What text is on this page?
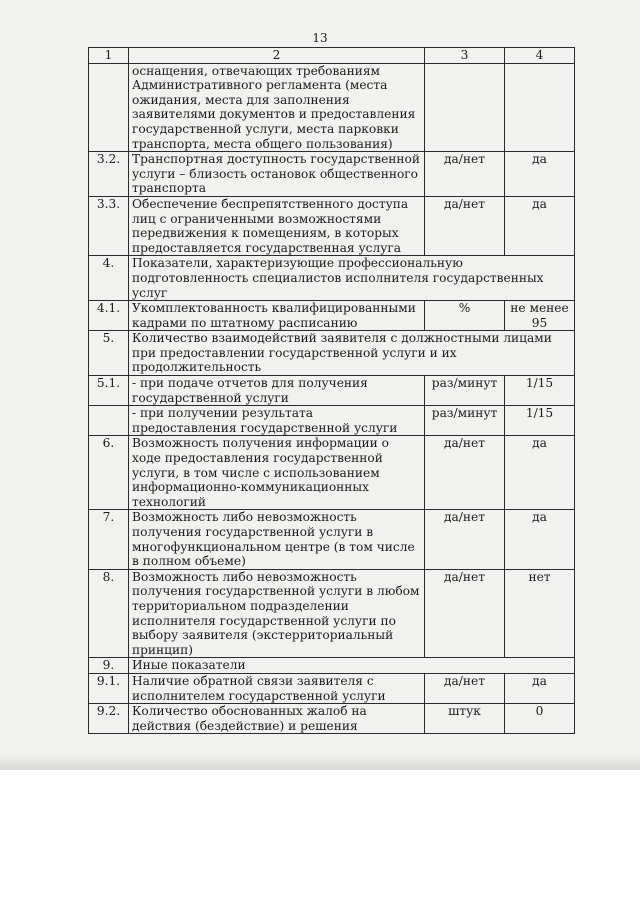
13
1	2	3	4
	оснащения, отвечающих требованиям Административного регламента (места ожидания, места для заполнения заявителями документов и предоставления государственной услуги, места парковки транспорта, места общего пользования)		
3.2.	Транспортная доступность государственной услуги – близость остановок общественного транспорта	да/нет	да
3.3.	Обеспечение беспрепятственного доступа лиц с ограниченными возможностями передвижения к помещениям, в которых предоставляется государственная услуга	да/нет	да
4.	Показатели, характеризующие профессиональную подготовленность специалистов исполнителя государственных услуг		
4.1.	Укомплектованность квалифицированными кадрами по штатному расписанию	%	не менее 95
5.	Количество взаимодействий заявителя с должностными лицами при предоставлении государственной услуги и их продолжительность		
5.1.	- при подаче отчетов для получения государственной услуги	раз/минут	1/15
	- при получении результата предоставления государственной услуги	раз/минут	1/15
6.	Возможность получения информации о ходе предоставления государственной услуги, в том числе с использованием информационно-коммуникационных технологий	да/нет	да
7.	Возможность либо невозможность получения государственной услуги в многофункциональном центре (в том числе в полном объеме)	да/нет	да
8.	Возможность либо невозможность получения государственной услуги в любом территориальном подразделении исполнителя государственной услуги по выбору заявителя (экстерриториальный принцип)	да/нет	нет
9.	Иные показатели		
9.1.	Наличие обратной связи заявителя с исполнителем государственной услуги	да/нет	да
9.2.	Количество обоснованных жалоб на действия (бездействие) и решения	штук	0
